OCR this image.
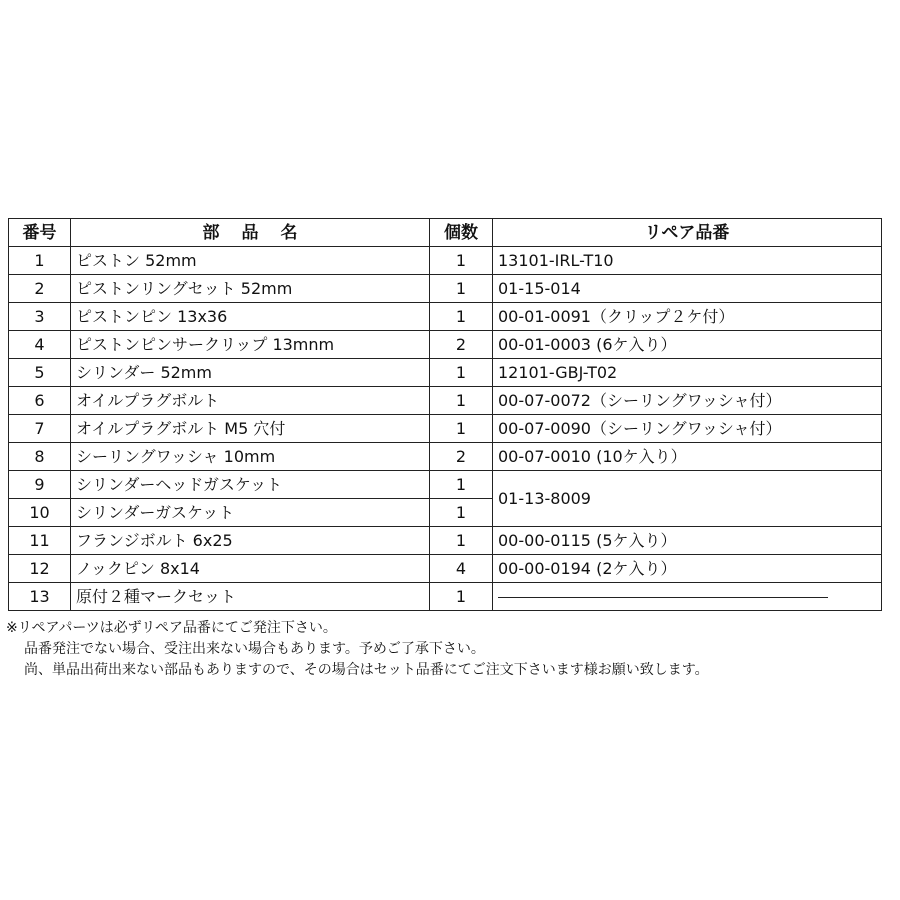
番号	部品名	個数	リペア品番
1	ピストン 52mm	1	13101-IRL-T10
2	ピストンリングセット 52mm	1	01-15-014
3	ピストンピン 13x36	1	00-01-0091（クリップ２ケ付）
4	ピストンピンサークリップ 13mnm	2	00-01-0003 (6ケ入り）
5	シリンダー 52mm	1	12101-GBJ-T02
6	オイルプラグボルト	1	00-07-0072（シーリングワッシャ付）
7	オイルプラグボルト M5 穴付	1	00-07-0090（シーリングワッシャ付）
8	シーリングワッシャ 10mm	2	00-07-0010 (10ケ入り）
9	シリンダーヘッドガスケット	1	01-13-8009
10	シリンダーガスケット	1	
11	フランジボルト 6x25	1	00-00-0115 (5ケ入り）
12	ノックピン 8x14	4	00-00-0194 (2ケ入り）
13	原付２種マークセット	1	
※リペアパーツは必ずリペア品番にてご発注下さい。
品番発注でない場合、受注出来ない場合もあります。予めご了承下さい。
尚、単品出荷出来ない部品もありますので、その場合はセット品番にてご注文下さいます様お願い致します。
